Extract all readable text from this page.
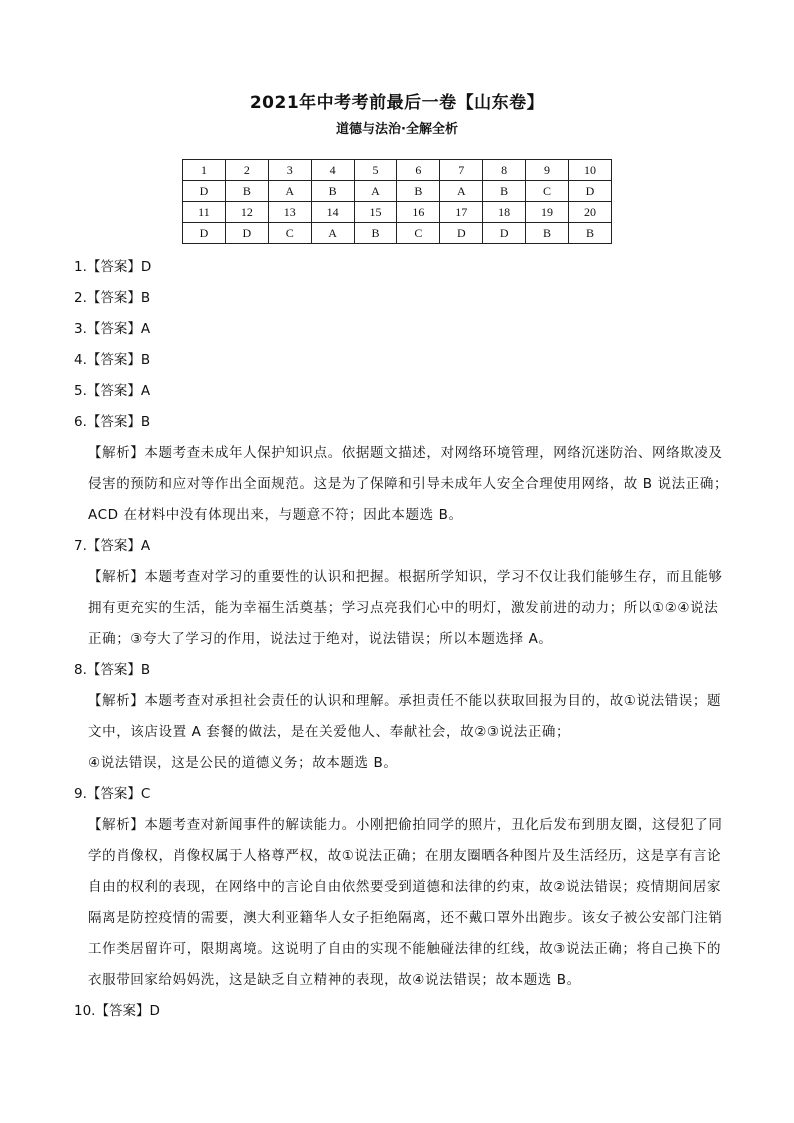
2021年中考考前最后一卷【山东卷】
道德与法治·全解全析
1	2	3	4	5	6	7	8	9	10
D	B	A	B	A	B	A	B	C	D
11	12	13	14	15	16	17	18	19	20
D	D	C	A	B	C	D	D	B	B
1.【答案】D
2.【答案】B
3.【答案】A
4.【答案】B
5.【答案】A
6.【答案】B
【解析】本题考查未成年人保护知识点。依据题文描述，对网络环境管理，网络沉迷防治、网络欺凌及
侵害的预防和应对等作出全面规范。这是为了保障和引导未成年人安全合理使用网络，故 B 说法正确；
ACD 在材料中没有体现出来，与题意不符；因此本题选 B。
7.【答案】A
【解析】本题考查对学习的重要性的认识和把握。根据所学知识，学习不仅让我们能够生存，而且能够
拥有更充实的生活，能为幸福生活奠基；学习点亮我们心中的明灯，激发前进的动力；所以①②④说法
正确；③夸大了学习的作用，说法过于绝对，说法错误；所以本题选择 A。
8.【答案】B
【解析】本题考查对承担社会责任的认识和理解。承担责任不能以获取回报为目的，故①说法错误；题
文中，该店设置 A 套餐的做法，是在关爱他人、奉献社会，故②③说法正确；
④说法错误，这是公民的道德义务；故本题选 B。
9.【答案】C
【解析】本题考查对新闻事件的解读能力。小刚把偷拍同学的照片，丑化后发布到朋友圈，这侵犯了同
学的肖像权，肖像权属于人格尊严权，故①说法正确；在朋友圈晒各种图片及生活经历，这是享有言论
自由的权利的表现，在网络中的言论自由依然要受到道德和法律的约束，故②说法错误；疫情期间居家
隔离是防控疫情的需要，澳大利亚籍华人女子拒绝隔离，还不戴口罩外出跑步。该女子被公安部门注销
工作类居留许可，限期离境。这说明了自由的实现不能触碰法律的红线，故③说法正确；将自己换下的
衣服带回家给妈妈洗，这是缺乏自立精神的表现，故④说法错误；故本题选 B。
10.【答案】D
